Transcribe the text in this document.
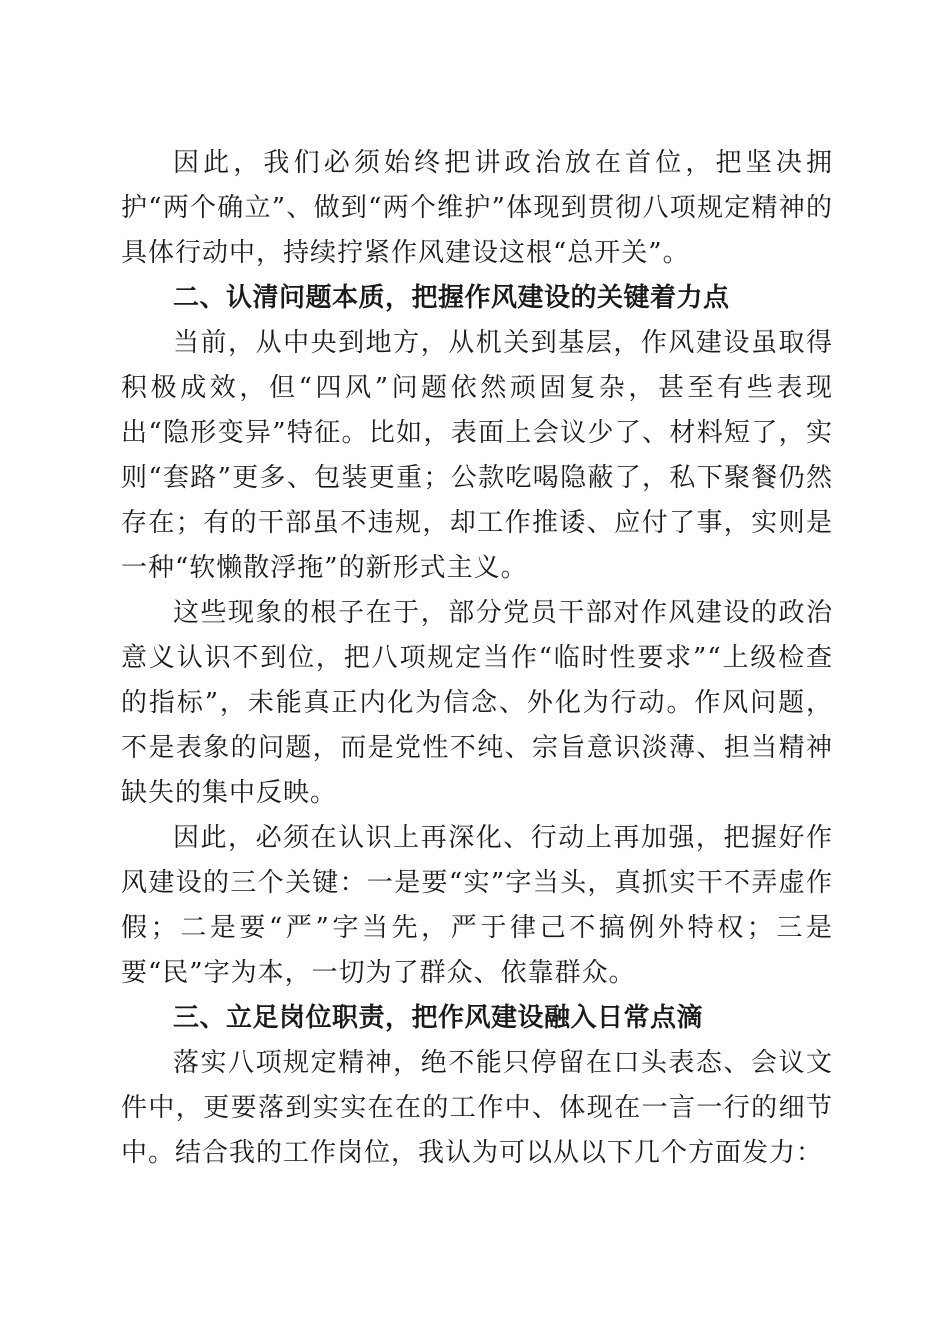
因此，我们必须始终把讲政治放在首位，把坚决拥护“两个确立”、做到“两个维护”体现到贯彻八项规定精神的具体行动中，持续拧紧作风建设这根“总开关”。

二、认清问题本质，把握作风建设的关键着力点

当前，从中央到地方，从机关到基层，作风建设虽取得积极成效，但“四风”问题依然顽固复杂，甚至有些表现出“隐形变异”特征。比如，表面上会议少了、材料短了，实则“套路”更多、包装更重；公款吃喝隐蔽了，私下聚餐仍然存在；有的干部虽不违规，却工作推诿、应付了事，实则是一种“软懒散浮拖”的新形式主义。

这些现象的根子在于，部分党员干部对作风建设的政治意义认识不到位，把八项规定当作“临时性要求”“上级检查的指标”，未能真正内化为信念、外化为行动。作风问题，不是表象的问题，而是党性不纯、宗旨意识淡薄、担当精神缺失的集中反映。

因此，必须在认识上再深化、行动上再加强，把握好作风建设的三个关键：一是要“实”字当头，真抓实干不弄虚作假；二是要“严”字当先，严于律己不搞例外特权；三是要“民”字为本，一切为了群众、依靠群众。

三、立足岗位职责，把作风建设融入日常点滴

落实八项规定精神，绝不能只停留在口头表态、会议文件中，更要落到实实在在的工作中、体现在一言一行的细节中。结合我的工作岗位，我认为可以从以下几个方面发力：
